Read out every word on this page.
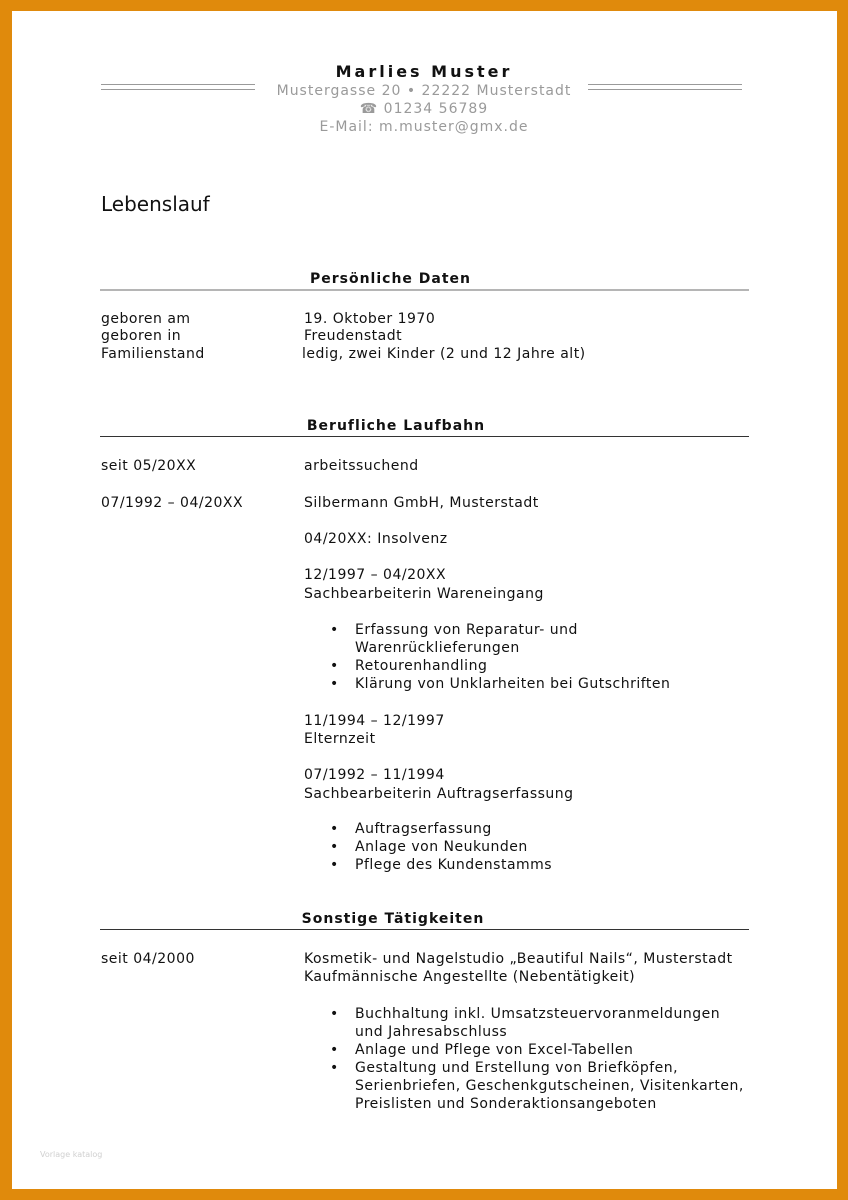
Marlies Muster
Mustergasse 20 • 22222 Musterstadt
☎ 01234 56789
E-Mail: m.muster@gmx.de
Lebenslauf
Persönliche Daten
geboren am	19. Oktober 1970
geboren in	Freudenstadt
Familienstand	ledig, zwei Kinder (2 und 12 Jahre alt)
Berufliche Laufbahn
seit 05/20XX	arbeitssuchend
07/1992 – 04/20XX	Silbermann GmbH, Musterstadt
04/20XX: Insolvenz
12/1997 – 04/20XX
Sachbearbeiterin Wareneingang
• Erfassung von Reparatur- und
Warenrücklieferungen
• Retourenhandling
• Klärung von Unklarheiten bei Gutschriften
11/1994 – 12/1997
Elternzeit
07/1992 – 11/1994
Sachbearbeiterin Auftragserfassung
• Auftragserfassung
• Anlage von Neukunden
• Pflege des Kundenstamms
Sonstige Tätigkeiten
seit 04/2000	Kosmetik- und Nagelstudio „Beautiful Nails“, Musterstadt
Kaufmännische Angestellte (Nebentätigkeit)
• Buchhaltung inkl. Umsatzsteuervoranmeldungen
und Jahresabschluss
• Anlage und Pflege von Excel-Tabellen
• Gestaltung und Erstellung von Briefköpfen,
Serienbriefen, Geschenkgutscheinen, Visitenkarten,
Preislisten und Sonderaktionsangeboten
Vorlage katalog
